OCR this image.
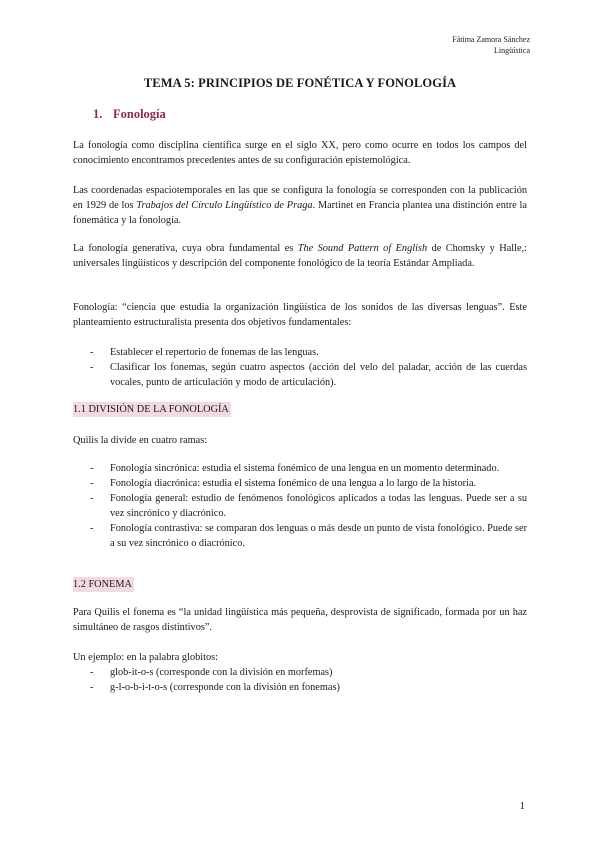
Fátima Zamora Sánchez
Lingüística
TEMA 5: PRINCIPIOS DE FONÉTICA Y FONOLOGÍA
1. Fonología
La fonología como disciplina científica surge en el siglo XX, pero como ocurre en todos los campos del conocimiento encontramos precedentes antes de su configuración epistemológica.
Las coordenadas espaciotemporales en las que se configura la fonología se corresponden con la publicación en 1929 de los Trabajos del Círculo Lingüístico de Praga. Martinet en Francia plantea una distinción entre la fonemática y la fonología.
La fonología generativa, cuya obra fundamental es The Sound Pattern of English de Chomsky y Halle,: universales lingüísticos y descripción del componente fonológico de la teoría Estándar Ampliada.
Fonología: “ciencia que estudia la organización lingüística de los sonidos de las diversas lenguas”. Este planteamiento estructuralista presenta dos objetivos fundamentales:
- Establecer el repertorio de fonemas de las lenguas.
- Clasificar los fonemas, según cuatro aspectos (acción del velo del paladar, acción de las cuerdas vocales, punto de articulación y modo de articulación).
1.1 DIVISIÓN DE LA FONOLOGÍA
Quilis la divide en cuatro ramas:
- Fonología sincrónica: estudia el sistema fonémico de una lengua en un momento determinado.
- Fonología diacrónica: estudia el sistema fonémico de una lengua a lo largo de la historia.
- Fonología general: estudio de fenómenos fonológicos aplicados a todas las lenguas. Puede ser a su vez sincrónico y diacrónico.
- Fonología contrastiva: se comparan dos lenguas o más desde un punto de vista fonológico. Puede ser a su vez sincrónico o diacrónico.
1.2 FONEMA
Para Quilis el fonema es “la unidad lingüística más pequeña, desprovista de significado, formada por un haz simultáneo de rasgos distintivos”.
Un ejemplo: en la palabra globitos:
- glob-it-o-s (corresponde con la división en morfemas)
- g-l-o-b-i-t-o-s (corresponde con la división en fonemas)
1
